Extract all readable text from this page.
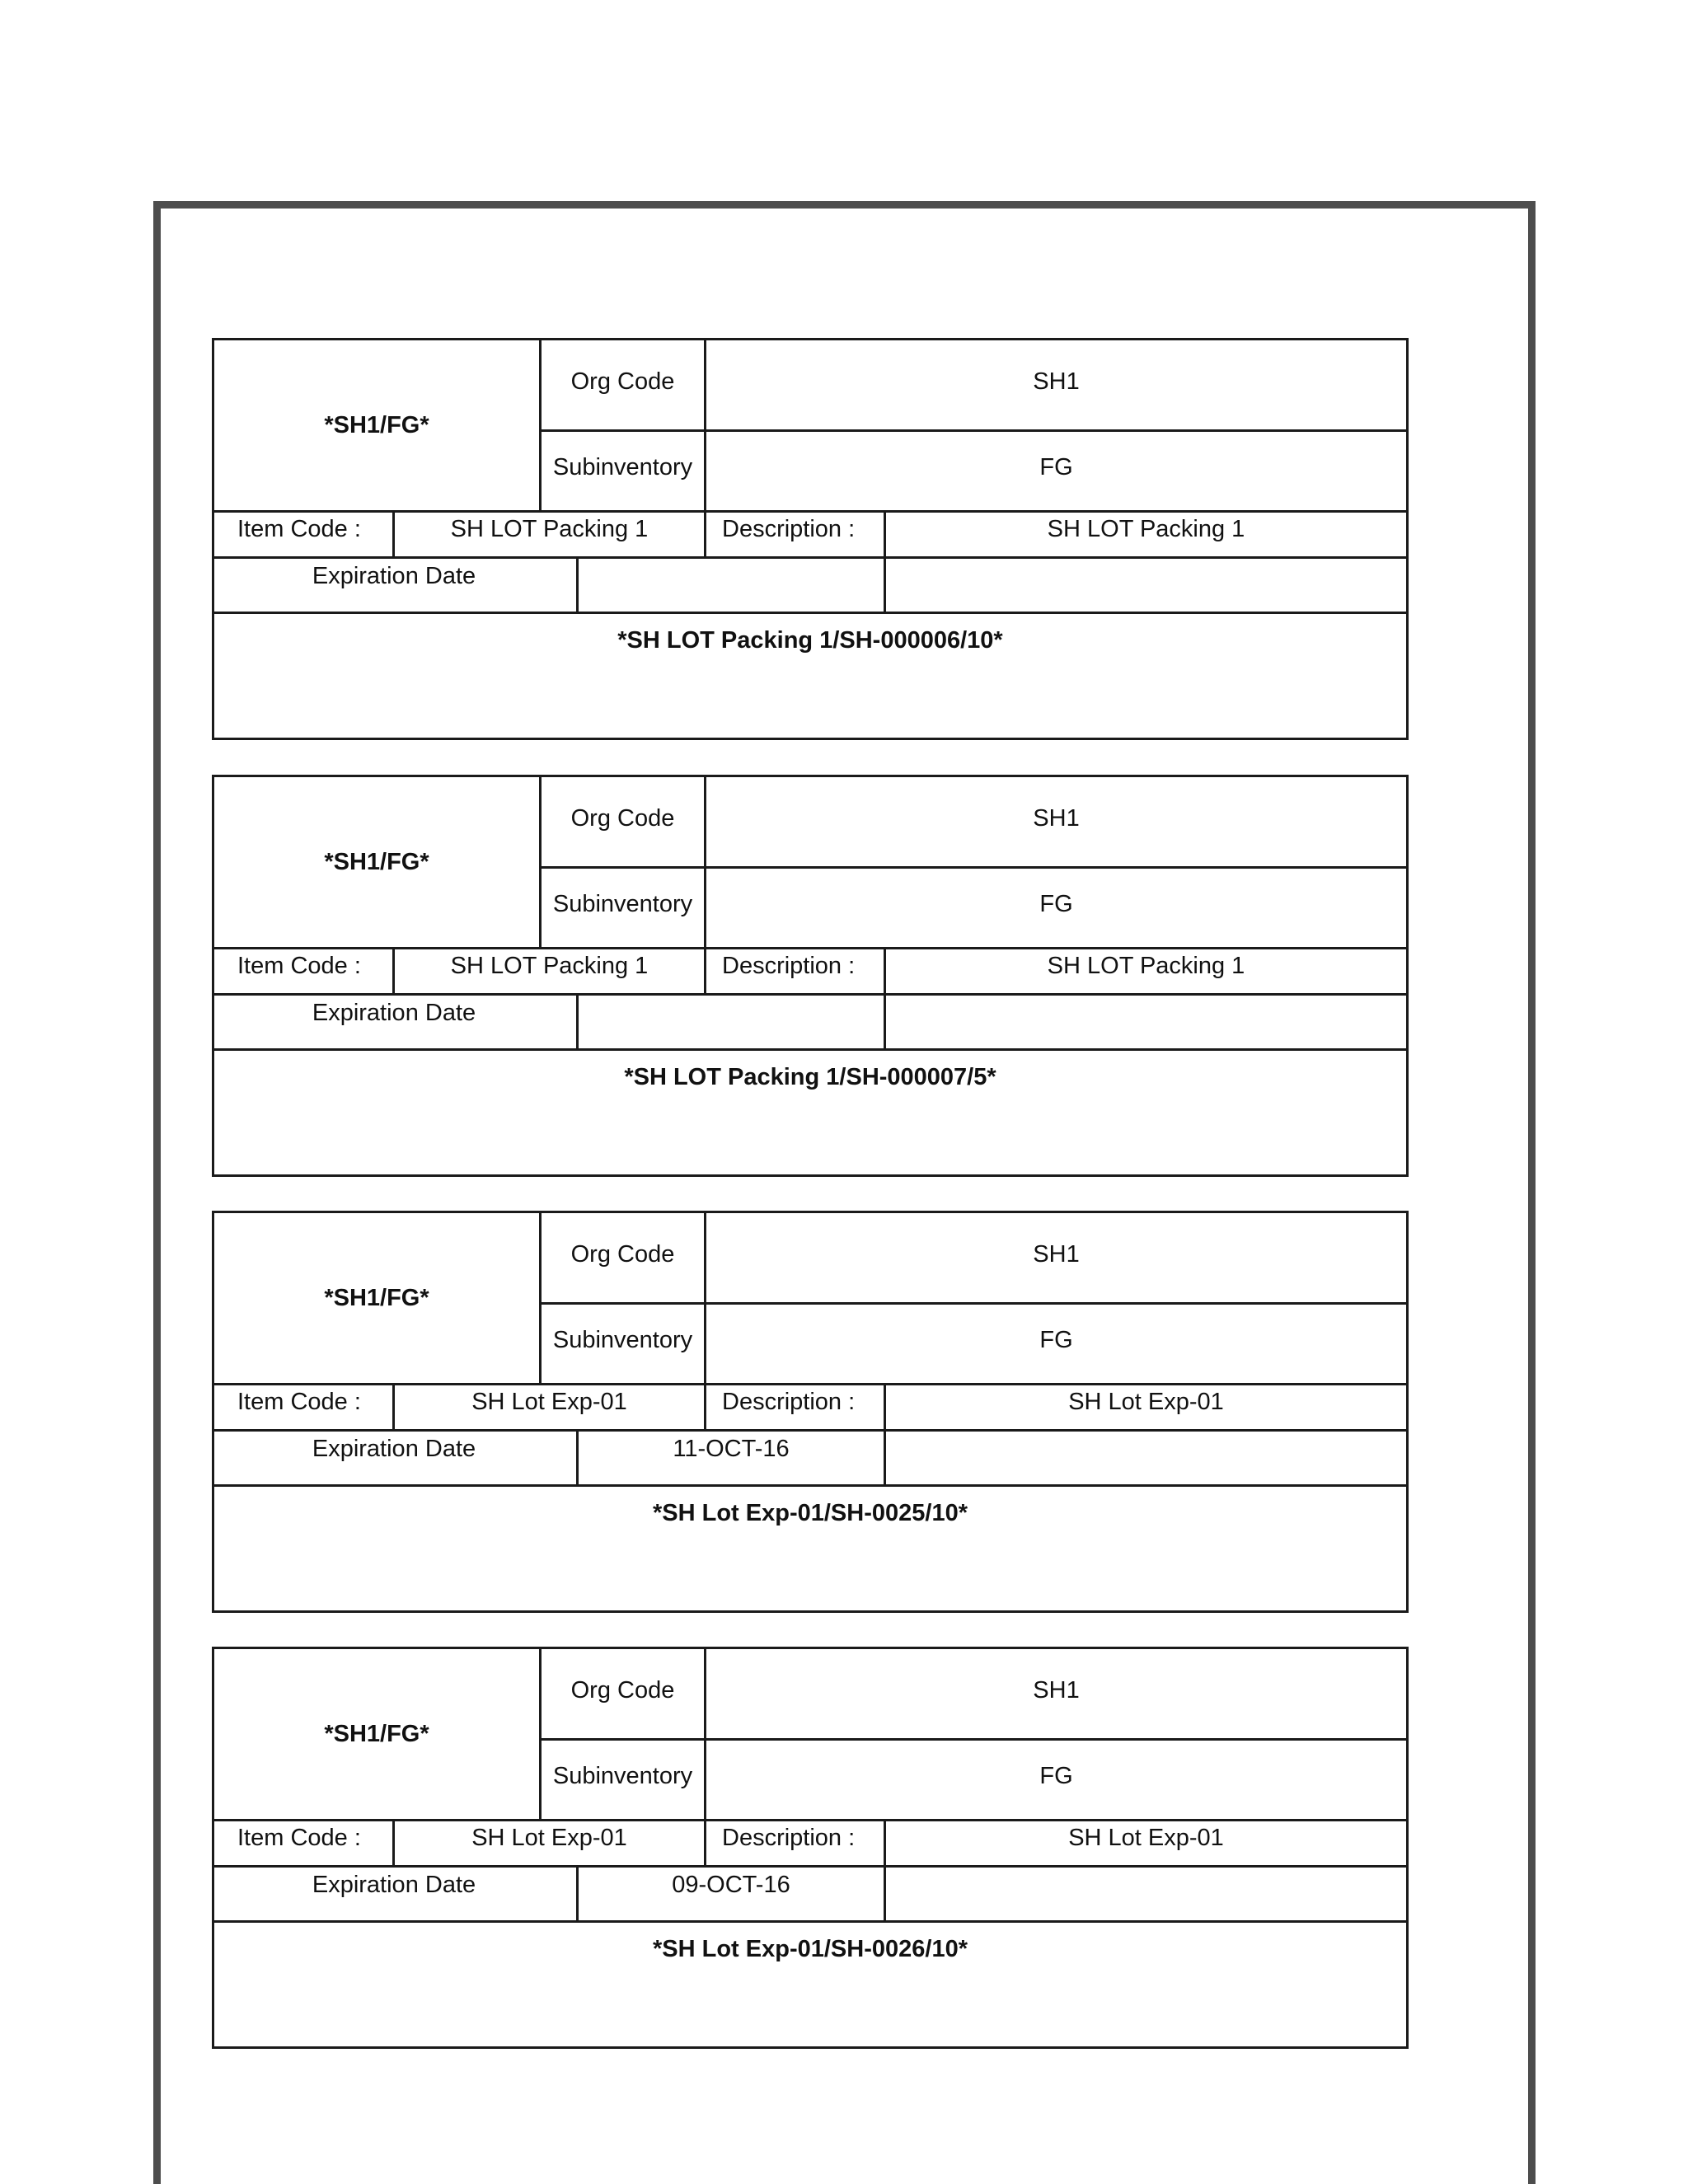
*SH1/FG*
Org Code	SH1
Subinventory	FG
Item Code :	SH LOT Packing 1	Description :	SH LOT Packing 1
Expiration Date
*SH LOT Packing 1/SH-000006/10*
*SH1/FG*
Org Code	SH1
Subinventory	FG
Item Code :	SH LOT Packing 1	Description :	SH LOT Packing 1
Expiration Date
*SH LOT Packing 1/SH-000007/5*
*SH1/FG*
Org Code	SH1
Subinventory	FG
Item Code :	SH Lot Exp-01	Description :	SH Lot Exp-01
Expiration Date	11-OCT-16
*SH Lot Exp-01/SH-0025/10*
*SH1/FG*
Org Code	SH1
Subinventory	FG
Item Code :	SH Lot Exp-01	Description :	SH Lot Exp-01
Expiration Date	09-OCT-16
*SH Lot Exp-01/SH-0026/10*
